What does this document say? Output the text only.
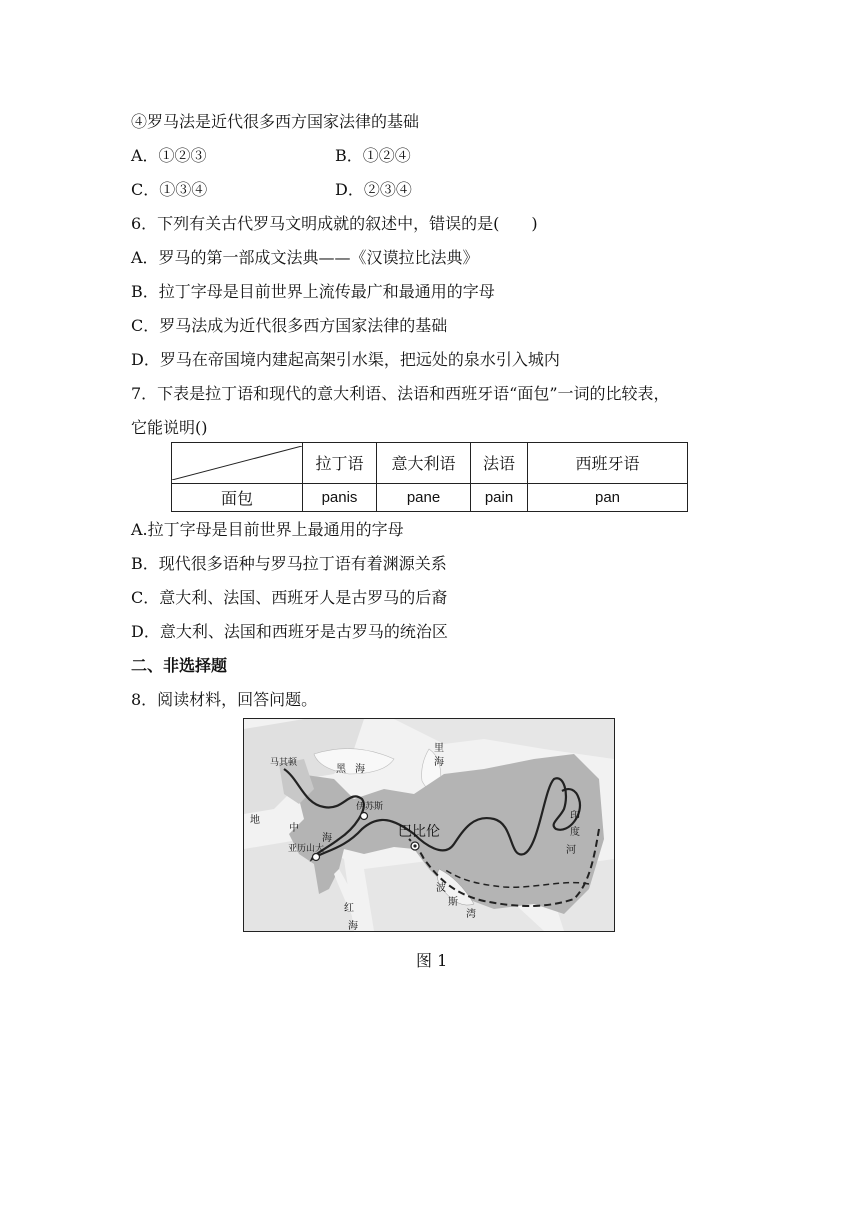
④罗马法是近代很多西方国家法律的基础
A．①②③	B．①②④
C．①③④	D．②③④
6．下列有关古代罗马文明成就的叙述中，错误的是(　　)
A．罗马的第一部成文法典——《汉谟拉比法典》
B．拉丁字母是目前世界上流传最广和最通用的字母
C．罗马法成为近代很多西方国家法律的基础
D．罗马在帝国境内建起高架引水渠，把远处的泉水引入城内
7．下表是拉丁语和现代的意大利语、法语和西班牙语“面包”一词的比较表，
它能说明()
	拉丁语	意大利语	法语	西班牙语
面包	panis	pane	pain	pan
A.拉丁字母是目前世界上最通用的字母
B．现代很多语种与罗马拉丁语有着渊源关系
C．意大利、法国、西班牙人是古罗马的后裔
D．意大利、法国和西班牙是古罗马的统治区
二、非选择题
8．阅读材料，回答问题。
马其顿
黑 海
里
海
地
中
海
伊苏斯
亚历山大
巴比伦
印
度
河
波
斯
湾
红
海
图 1
